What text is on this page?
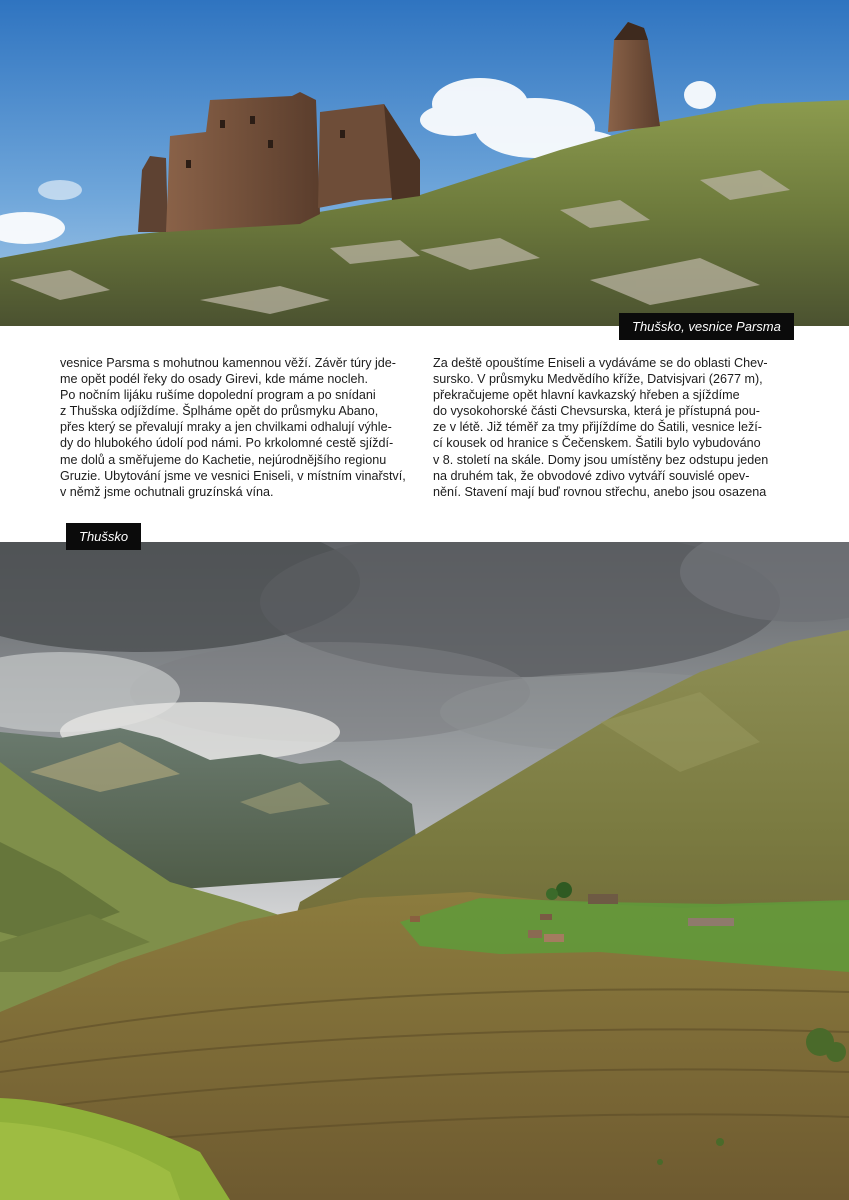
Thušsko, vesnice Parsma
vesnice Parsma s mohutnou kamennou věží. Závěr túry jde-
me opět podél řeky do osady Girevi, kde máme nocleh.
Po nočním lijáku rušíme dopolední program a po snídani
z Thušska odjíždíme. Šplháme opět do průsmyku Abano,
přes který se převalují mraky a jen chvilkami odhalují výhle-
dy do hlubokého údolí pod námi. Po krkolomné cestě sjíždí-
me dolů a směřujeme do Kachetie, nejúrodnějšího regionu
Gruzie. Ubytování jsme ve vesnici Eniseli, v místním vinařství,
v němž jsme ochutnali gruzínská vína.
Za deště opouštíme Eniseli a vydáváme se do oblasti Chev-
sursko. V průsmyku Medvědího kříže, Datvisjvari (2677 m),
překračujeme opět hlavní kavkazský hřeben a sjíždíme
do vysokohorské části Chevsurska, která je přístupná pou-
ze v létě. Již téměř za tmy přijíždíme do Šatili, vesnice leží-
cí kousek od hranice s Čečenskem. Šatili bylo vybudováno
v 8. století na skále. Domy jsou umístěny bez odstupu jeden
na druhém tak, že obvodové zdivo vytváří souvislé opev-
nění. Stavení mají buď rovnou střechu, anebo jsou osazena
Thušsko
